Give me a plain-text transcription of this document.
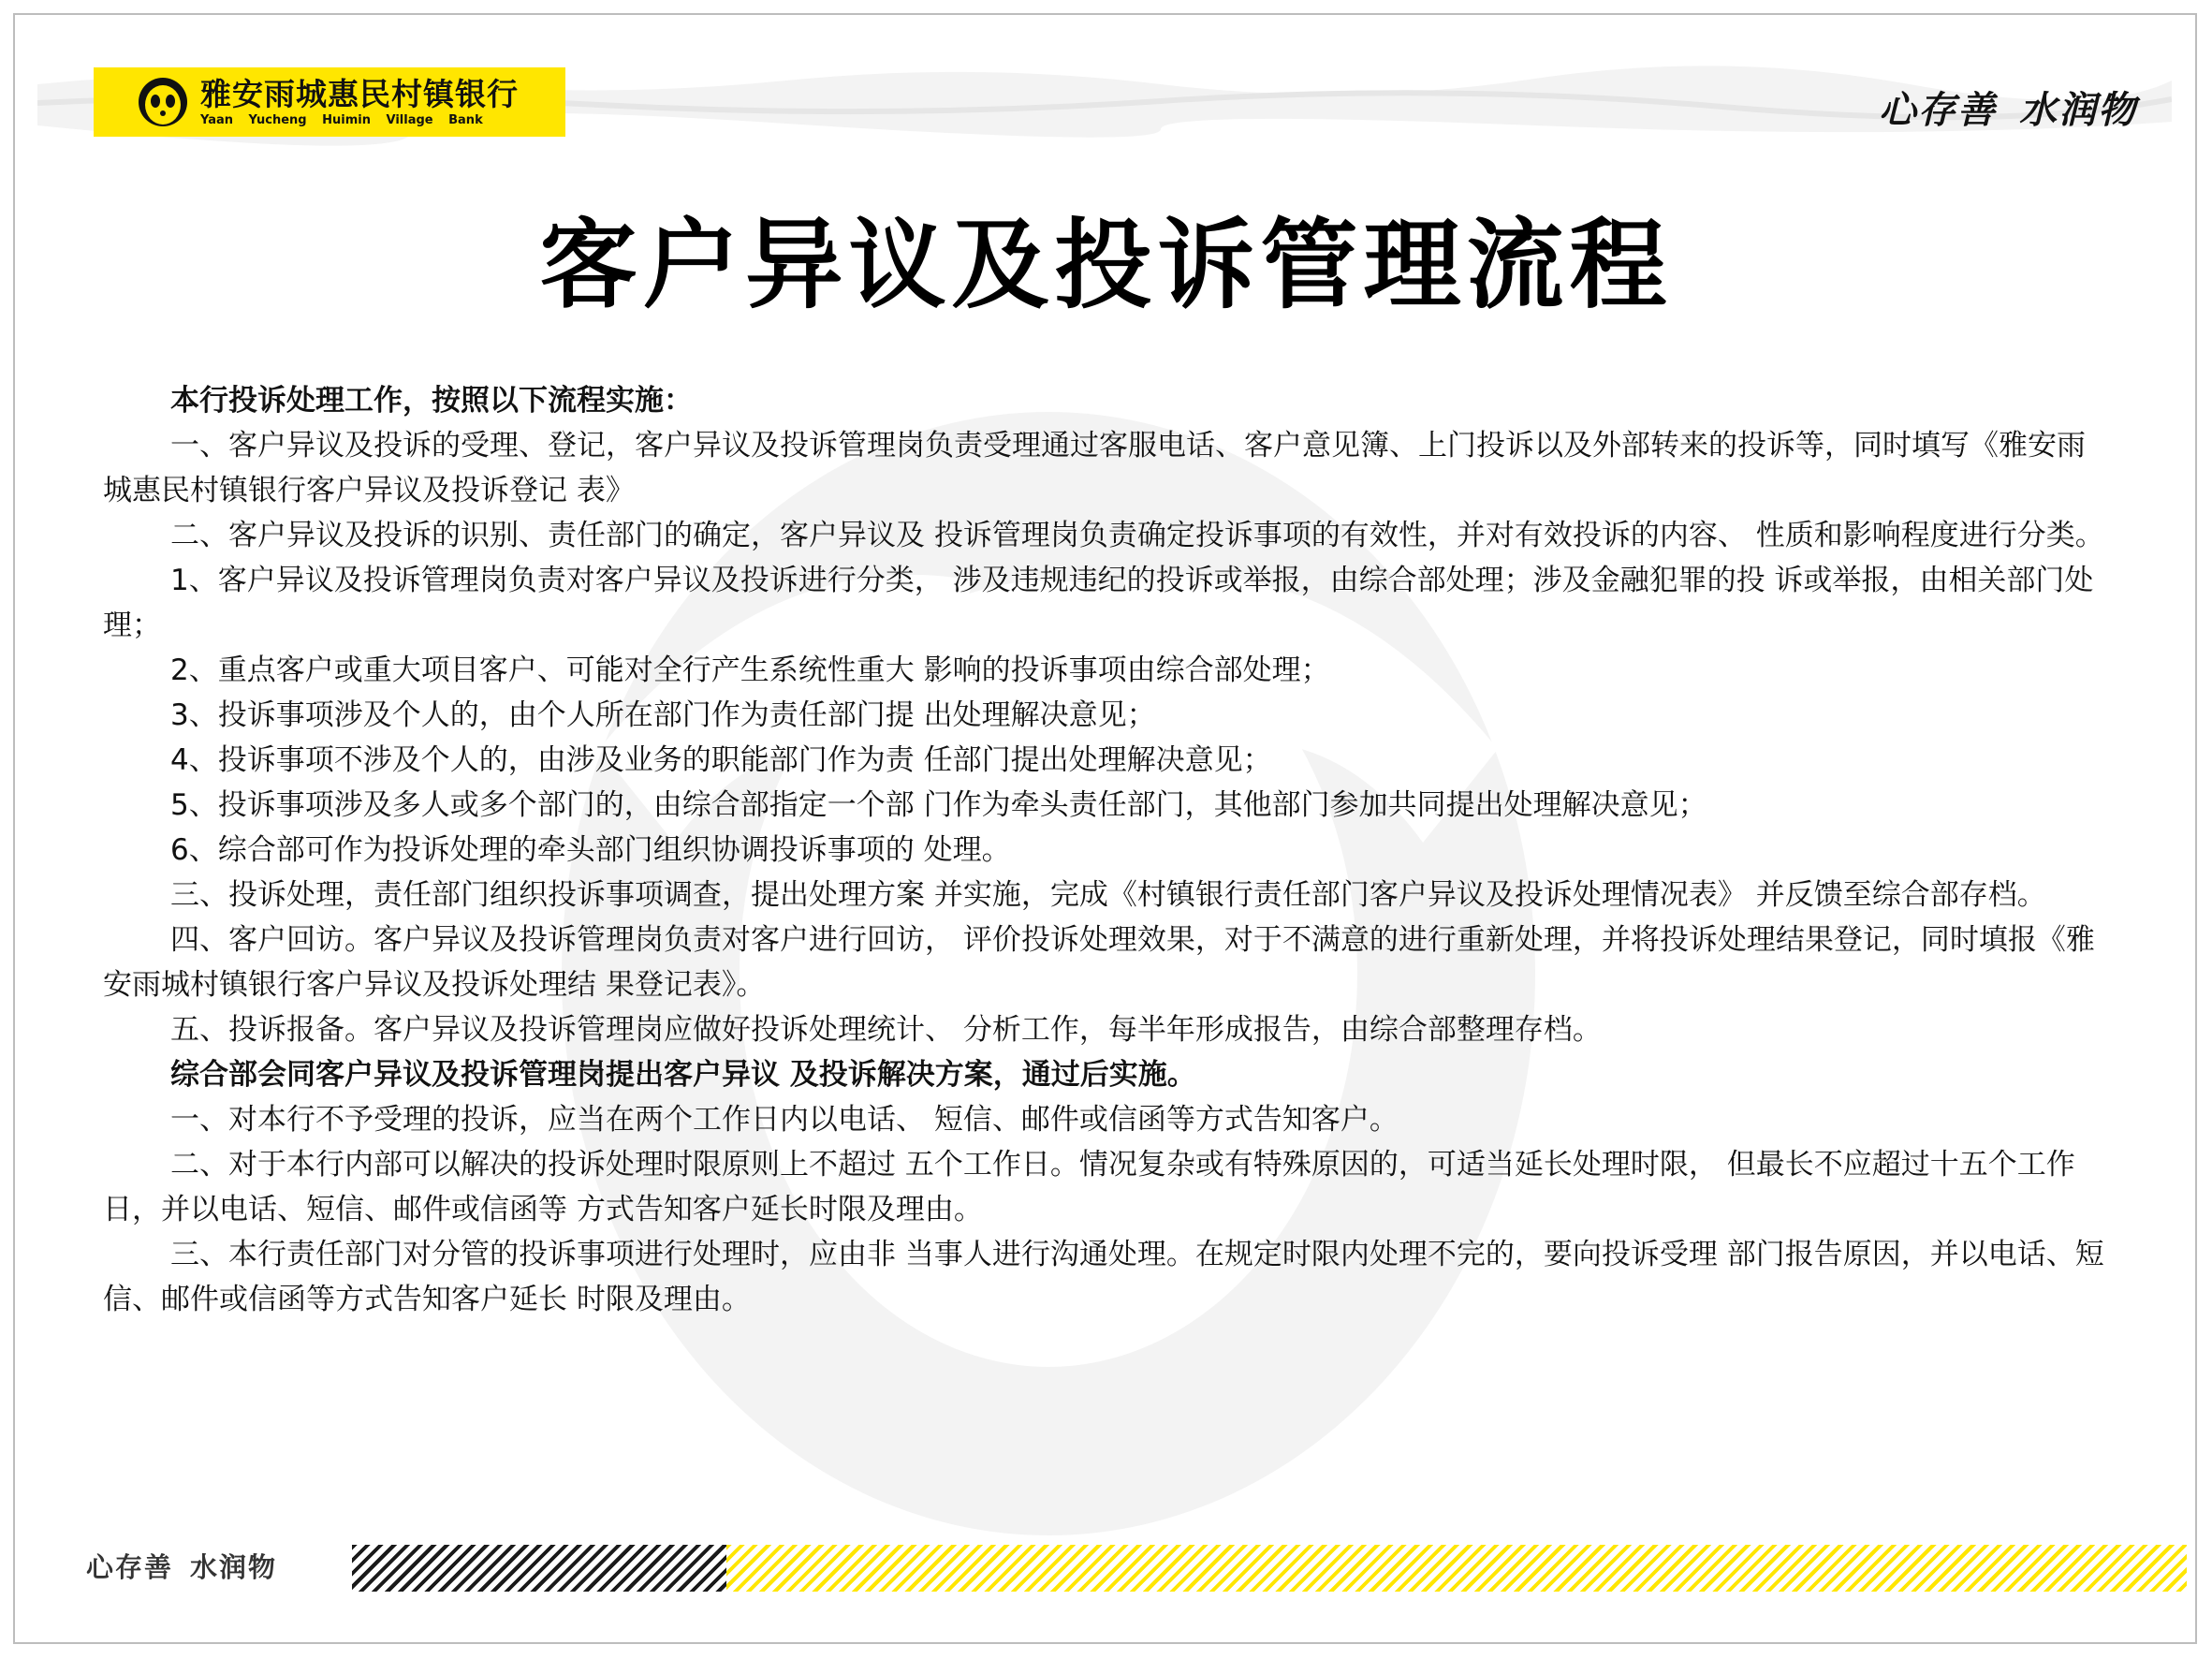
雅安雨城惠民村镇银行
Yaan Yucheng Huimin Village Bank	心存善 水润物
客户异议及投诉管理流程

本行投诉处理工作，按照以下流程实施：

一、客户异议及投诉的受理、登记，客户异议及投诉管理岗负责受理通过客服电话、客户意见簿、上门投诉以及外部转来的投诉等，同时填写《雅安雨城惠民村镇银行客户异议及投诉登记 表》

二、客户异议及投诉的识别、责任部门的确定，客户异议及 投诉管理岗负责确定投诉事项的有效性，并对有效投诉的内容、 性质和影响程度进行分类。

1、客户异议及投诉管理岗负责对客户异议及投诉进行分类， 涉及违规违纪的投诉或举报，由综合部处理；涉及金融犯罪的投 诉或举报，由相关部门处理；

2、重点客户或重大项目客户、可能对全行产生系统性重大 影响的投诉事项由综合部处理；

3、投诉事项涉及个人的，由个人所在部门作为责任部门提 出处理解决意见；

4、投诉事项不涉及个人的，由涉及业务的职能部门作为责 任部门提出处理解决意见；

5、投诉事项涉及多人或多个部门的，由综合部指定一个部 门作为牵头责任部门，其他部门参加共同提出处理解决意见；

6、综合部可作为投诉处理的牵头部门组织协调投诉事项的 处理。

三、投诉处理，责任部门组织投诉事项调查，提出处理方案 并实施，完成《村镇银行责任部门客户异议及投诉处理情况表》 并反馈至综合部存档。

四、客户回访。客户异议及投诉管理岗负责对客户进行回访， 评价投诉处理效果，对于不满意的进行重新处理，并将投诉处理结果登记，同时填报《雅安雨城村镇银行客户异议及投诉处理结 果登记表》。

五、投诉报备。客户异议及投诉管理岗应做好投诉处理统计、 分析工作，每半年形成报告，由综合部整理存档。

综合部会同客户异议及投诉管理岗提出客户异议 及投诉解决方案，通过后实施。

一、对本行不予受理的投诉，应当在两个工作日内以电话、 短信、邮件或信函等方式告知客户。

二、对于本行内部可以解决的投诉处理时限原则上不超过 五个工作日。情况复杂或有特殊原因的，可适当延长处理时限， 但最长不应超过十五个工作日，并以电话、短信、邮件或信函等 方式告知客户延长时限及理由。

三、本行责任部门对分管的投诉事项进行处理时，应由非 当事人进行沟通处理。在规定时限内处理不完的，要向投诉受理 部门报告原因，并以电话、短信、邮件或信函等方式告知客户延长 时限及理由。

心存善 水润物
